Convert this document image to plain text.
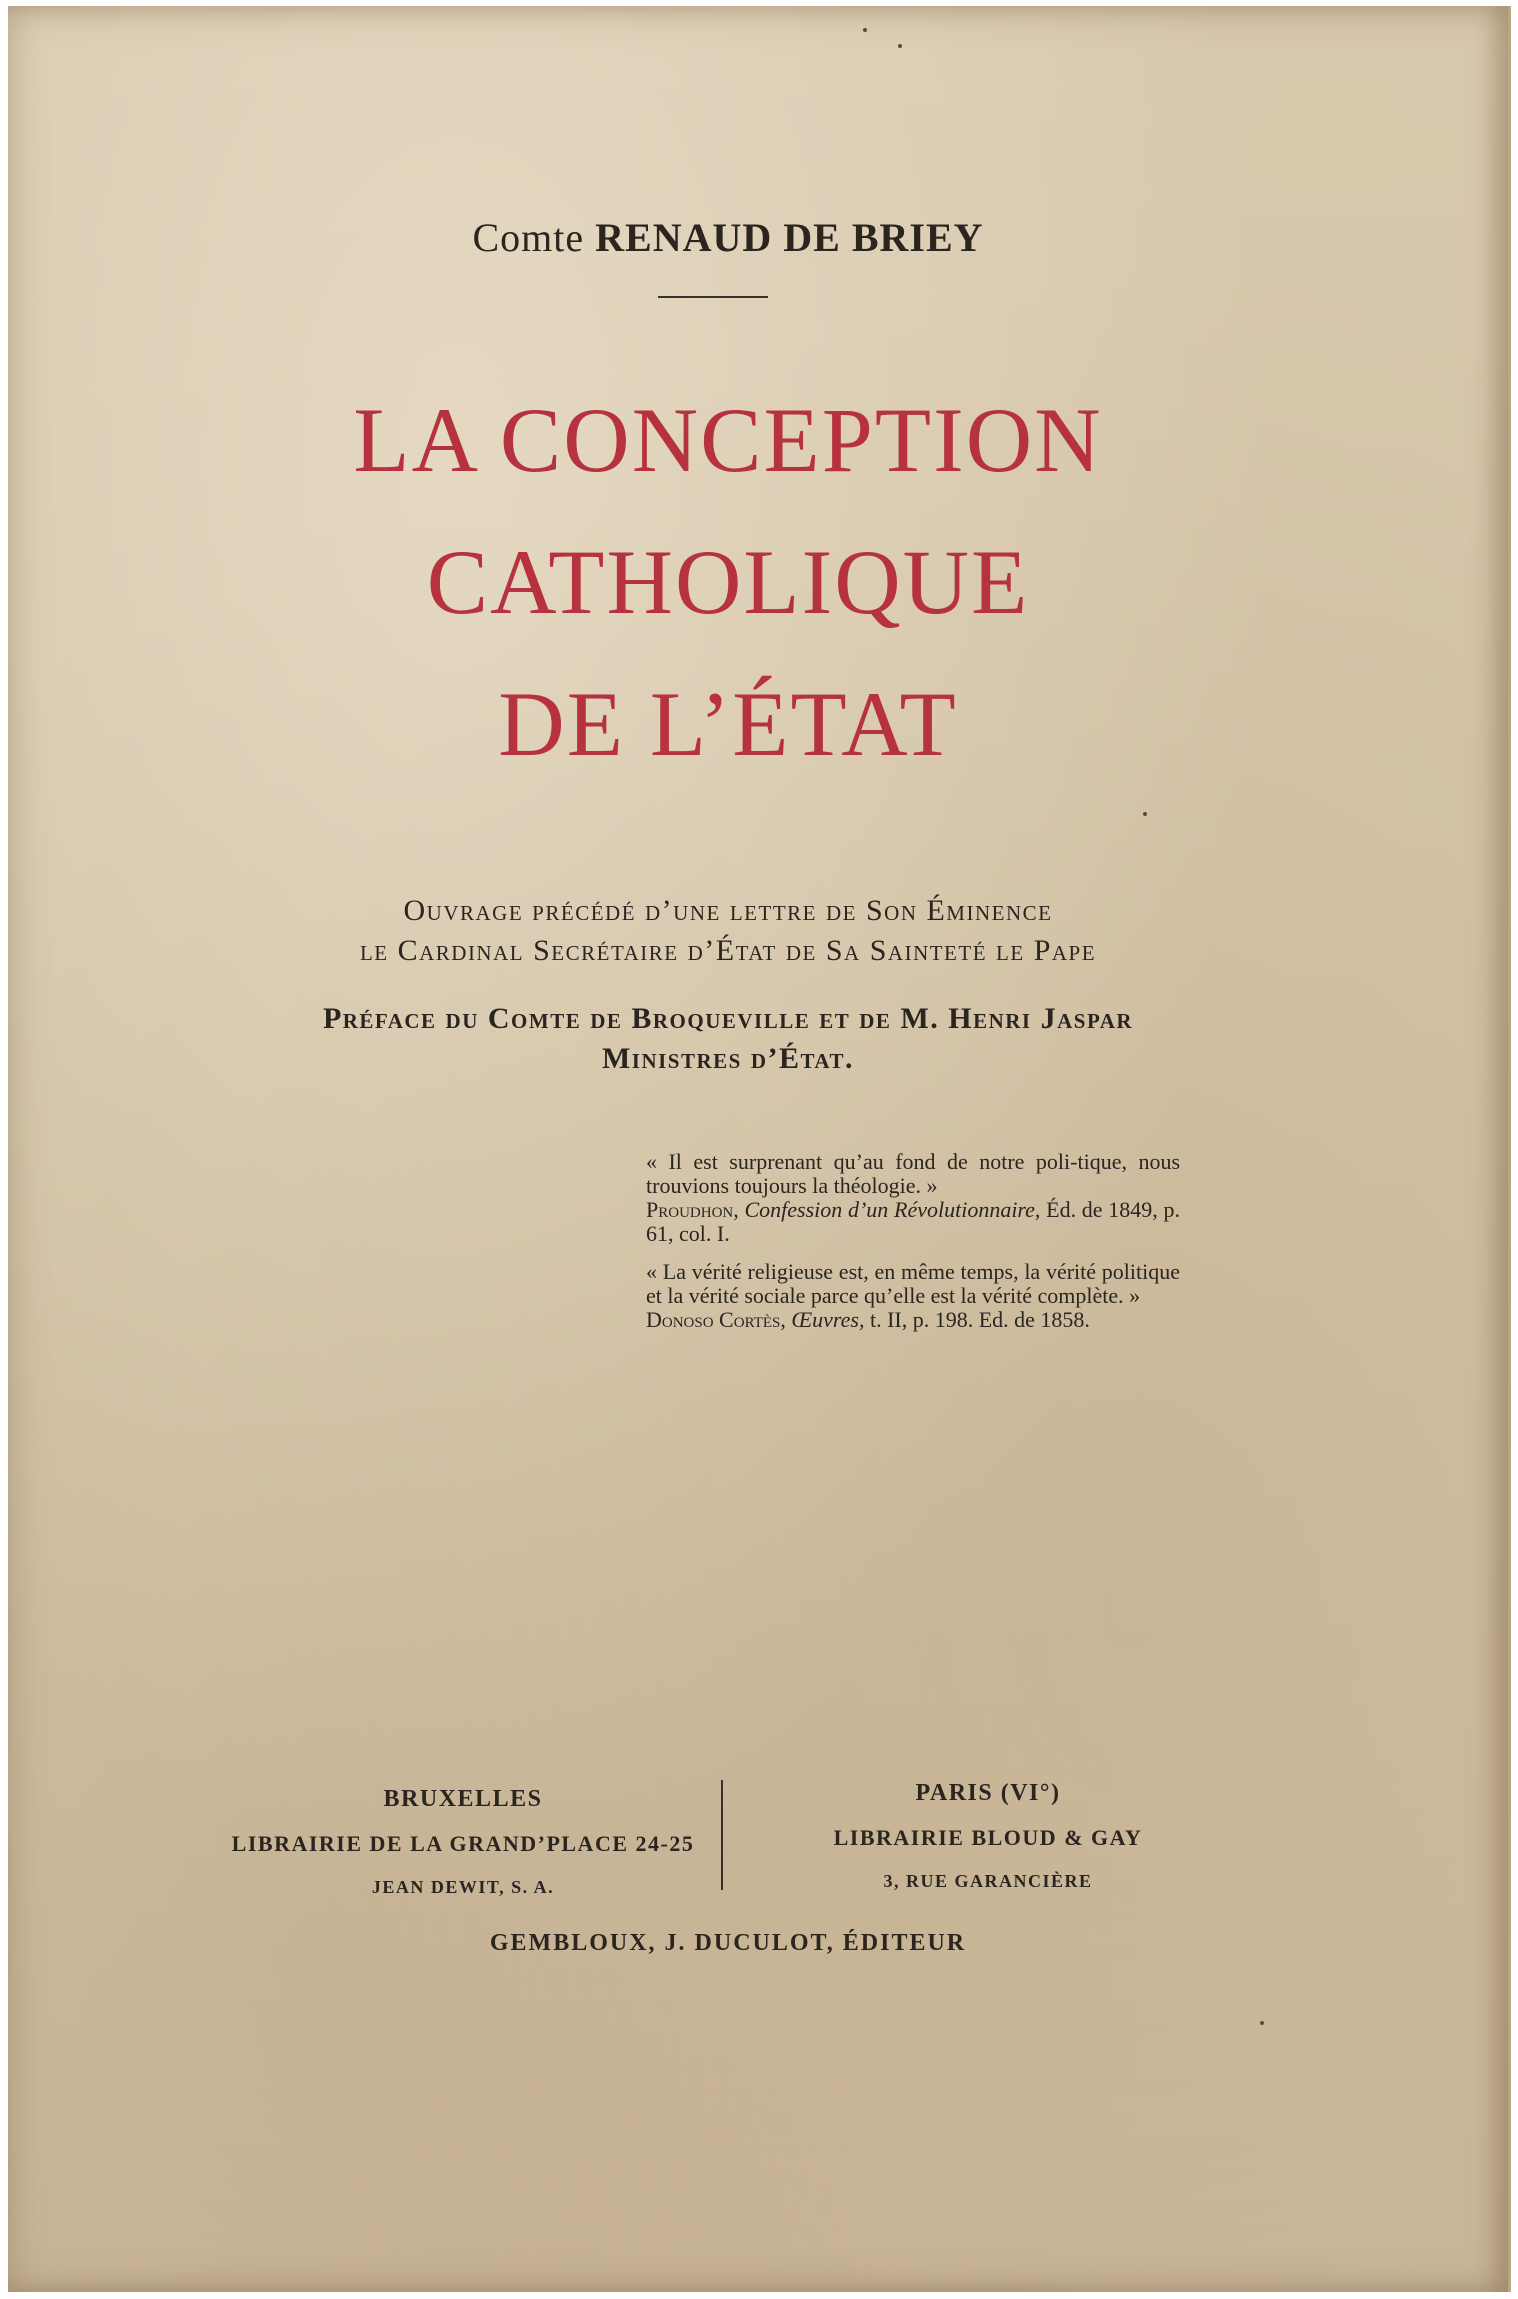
Comte RENAUD DE BRIEY
LA CONCEPTION
CATHOLIQUE
DE L’ÉTAT
Ouvrage précédé d’une lettre de Son Éminence
le Cardinal Secrétaire d’État de Sa Sainteté le Pape
Préface du Comte de Broqueville et de M. Henri Jaspar
Ministres d’État.
« Il est surprenant qu’au fond de notre poli-tique, nous trouvions toujours la théologie. »
Proudhon, Confession d’un Révolutionnaire, Éd. de 1849, p. 61, col. I.
« La vérité religieuse est, en même temps, la vérité politique et la vérité sociale parce qu’elle est la vérité complète. »
Donoso Cortès, Œuvres, t. II, p. 198. Ed. de 1858.
BRUXELLES
LIBRAIRIE DE LA GRAND’PLACE 24-25
JEAN DEWIT, S. A.
PARIS (VI°)
LIBRAIRIE BLOUD & GAY
3, RUE GARANCIÈRE
GEMBLOUX, J. DUCULOT, ÉDITEUR
